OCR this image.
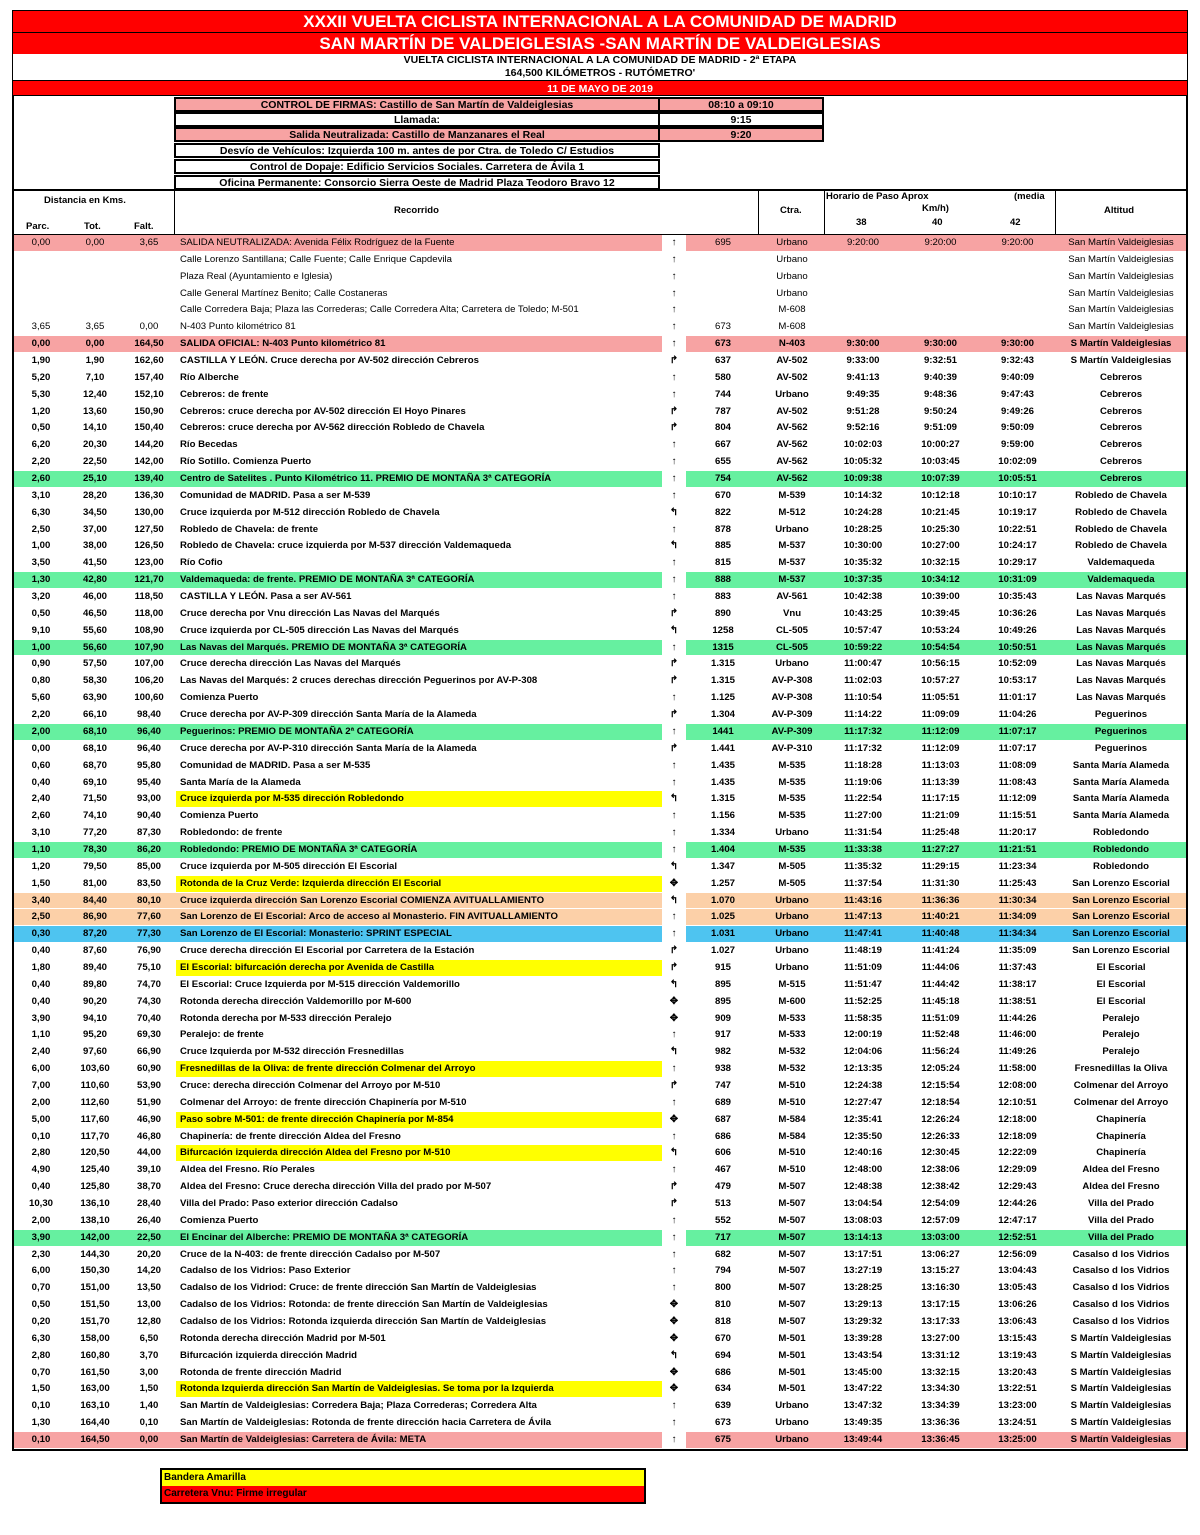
XXXII VUELTA CICLISTA INTERNACIONAL A LA COMUNIDAD DE MADRID
SAN MARTÍN DE VALDEIGLESIAS -SAN MARTÍN DE VALDEIGLESIAS
VUELTA CICLISTA INTERNACIONAL A LA COMUNIDAD DE MADRID - 2ª ETAPA
164,500 KILÓMETROS - RUTÓMETRO'
11 DE MAYO DE 2019
CONTROL DE FIRMAS: Castillo de San Martín de Valdeiglesias	08:10 a 09:10
Llamada:	9:15
Salida Neutralizada: Castillo de Manzanares el Real	9:20
Desvío de Vehículos: Izquierda 100 m. antes de por Ctra. de Toledo C/ Estudios
Control de Dopaje: Edificio Servicios Sociales. Carretera de Ávila 1
Oficina Permanente: Consorcio Sierra Oeste de Madrid Plaza Teodoro Bravo 12
Distancia en Kms.
Parc.	Tot.	Falt.
Recorrido	Ctra.
Horario de Paso Aprox	(media
Km/h)
38	40	42
Altitud
0,00	0,00	3,65	SALIDA NEUTRALIZADA: Avenida Félix Rodríguez de la Fuente	↑	695	Urbano	9:20:00	9:20:00	9:20:00	San Martín Valdeiglesias
Calle Lorenzo Santillana; Calle Fuente; Calle Enrique Capdevila	↑	Urbano	San Martín Valdeiglesias
Plaza Real (Ayuntamiento e Iglesia)	↑	Urbano	San Martín Valdeiglesias
Calle General Martínez Benito; Calle Costaneras	↑	Urbano	San Martín Valdeiglesias
Calle Corredera Baja; Plaza las Correderas; Calle Corredera Alta; Carretera de Toledo; M-501	↑	M-608	San Martín Valdeiglesias
3,65	3,65	0,00	N-403 Punto kilométrico 81	↑	673	M-608	San Martín Valdeiglesias
0,00	0,00	164,50	SALIDA OFICIAL: N-403 Punto kilométrico 81	↑	673	N-403	9:30:00	9:30:00	9:30:00	S Martín Valdeiglesias
1,90	1,90	162,60	CASTILLA Y LEÓN. Cruce derecha por AV-502 dirección Cebreros	↱	637	AV-502	9:33:00	9:32:51	9:32:43	S Martín Valdeiglesias
5,20	7,10	157,40	Río Alberche	↑	580	AV-502	9:41:13	9:40:39	9:40:09	Cebreros
5,30	12,40	152,10	Cebreros: de frente	↑	744	Urbano	9:49:35	9:48:36	9:47:43	Cebreros
1,20	13,60	150,90	Cebreros: cruce derecha por AV-502 dirección El Hoyo Pinares	↱	787	AV-502	9:51:28	9:50:24	9:49:26	Cebreros
0,50	14,10	150,40	Cebreros: cruce derecha por AV-562 dirección Robledo de Chavela	↱	804	AV-562	9:52:16	9:51:09	9:50:09	Cebreros
6,20	20,30	144,20	Río Becedas	↑	667	AV-562	10:02:03	10:00:27	9:59:00	Cebreros
2,20	22,50	142,00	Río Sotillo. Comienza Puerto	↑	655	AV-562	10:05:32	10:03:45	10:02:09	Cebreros
2,60	25,10	139,40	Centro de Satelites . Punto Kilométrico 11. PREMIO DE MONTAÑA 3ª CATEGORÍA	↑	754	AV-562	10:09:38	10:07:39	10:05:51	Cebreros
3,10	28,20	136,30	Comunidad de MADRID. Pasa a ser M-539	↑	670	M-539	10:14:32	10:12:18	10:10:17	Robledo de Chavela
6,30	34,50	130,00	Cruce izquierda por M-512 dirección Robledo de Chavela	↰	822	M-512	10:24:28	10:21:45	10:19:17	Robledo de Chavela
2,50	37,00	127,50	Robledo de Chavela: de frente	↑	878	Urbano	10:28:25	10:25:30	10:22:51	Robledo de Chavela
1,00	38,00	126,50	Robledo de Chavela: cruce izquierda por M-537 dirección Valdemaqueda	↰	885	M-537	10:30:00	10:27:00	10:24:17	Robledo de Chavela
3,50	41,50	123,00	Río Cofio	↑	815	M-537	10:35:32	10:32:15	10:29:17	Valdemaqueda
1,30	42,80	121,70	Valdemaqueda: de frente. PREMIO DE MONTAÑA 3ª CATEGORÍA	↑	888	M-537	10:37:35	10:34:12	10:31:09	Valdemaqueda
3,20	46,00	118,50	CASTILLA Y LEÓN. Pasa a ser AV-561	↑	883	AV-561	10:42:38	10:39:00	10:35:43	Las Navas Marqués
0,50	46,50	118,00	Cruce derecha por Vnu dirección Las Navas del Marqués	↱	890	Vnu	10:43:25	10:39:45	10:36:26	Las Navas Marqués
9,10	55,60	108,90	Cruce izquierda por CL-505 dirección Las Navas del Marqués	↰	1258	CL-505	10:57:47	10:53:24	10:49:26	Las Navas Marqués
1,00	56,60	107,90	Las Navas del Marqués. PREMIO DE MONTAÑA 3ª CATEGORÍA	↑	1315	CL-505	10:59:22	10:54:54	10:50:51	Las Navas Marqués
0,90	57,50	107,00	Cruce derecha dirección Las Navas del Marqués	↱	1.315	Urbano	11:00:47	10:56:15	10:52:09	Las Navas Marqués
0,80	58,30	106,20	Las Navas del Marqués: 2 cruces derechas dirección Peguerinos por AV-P-308	↱	1.315	AV-P-308	11:02:03	10:57:27	10:53:17	Las Navas Marqués
5,60	63,90	100,60	Comienza Puerto	↑	1.125	AV-P-308	11:10:54	11:05:51	11:01:17	Las Navas Marqués
2,20	66,10	98,40	Cruce derecha por AV-P-309 dirección Santa María de la Alameda	↱	1.304	AV-P-309	11:14:22	11:09:09	11:04:26	Peguerinos
2,00	68,10	96,40	Peguerinos: PREMIO DE MONTAÑA 2ª CATEGORÍA	↑	1441	AV-P-309	11:17:32	11:12:09	11:07:17	Peguerinos
0,00	68,10	96,40	Cruce derecha por AV-P-310 dirección Santa María de la Alameda	↱	1.441	AV-P-310	11:17:32	11:12:09	11:07:17	Peguerinos
0,60	68,70	95,80	Comunidad de MADRID. Pasa a ser M-535	↑	1.435	M-535	11:18:28	11:13:03	11:08:09	Santa María Alameda
0,40	69,10	95,40	Santa María de la Alameda	↑	1.435	M-535	11:19:06	11:13:39	11:08:43	Santa María Alameda
2,40	71,50	93,00	Cruce izquierda por M-535 dirección Robledondo	↰	1.315	M-535	11:22:54	11:17:15	11:12:09	Santa María Alameda
2,60	74,10	90,40	Comienza Puerto	↑	1.156	M-535	11:27:00	11:21:09	11:15:51	Santa María Alameda
3,10	77,20	87,30	Robledondo: de frente	↑	1.334	Urbano	11:31:54	11:25:48	11:20:17	Robledondo
1,10	78,30	86,20	Robledondo: PREMIO DE MONTAÑA 3ª CATEGORÍA	↑	1.404	M-535	11:33:38	11:27:27	11:21:51	Robledondo
1,20	79,50	85,00	Cruce izquierda por M-505 dirección El Escorial	↰	1.347	M-505	11:35:32	11:29:15	11:23:34	Robledondo
1,50	81,00	83,50	Rotonda de la Cruz Verde: Izquierda dirección El Escorial	✥	1.257	M-505	11:37:54	11:31:30	11:25:43	San Lorenzo Escorial
3,40	84,40	80,10	Cruce izquierda dirección San Lorenzo Escorial COMIENZA AVITUALLAMIENTO	↰	1.070	Urbano	11:43:16	11:36:36	11:30:34	San Lorenzo Escorial
2,50	86,90	77,60	San Lorenzo de El Escorial: Arco de acceso al Monasterio. FIN AVITUALLAMIENTO	↑	1.025	Urbano	11:47:13	11:40:21	11:34:09	San Lorenzo Escorial
0,30	87,20	77,30	San Lorenzo de El Escorial: Monasterio: SPRINT ESPECIAL	↑	1.031	Urbano	11:47:41	11:40:48	11:34:34	San Lorenzo Escorial
0,40	87,60	76,90	Cruce derecha dirección El Escorial por Carretera de la Estación	↱	1.027	Urbano	11:48:19	11:41:24	11:35:09	San Lorenzo Escorial
1,80	89,40	75,10	El Escorial: bifurcación derecha por Avenida de Castilla	↱	915	Urbano	11:51:09	11:44:06	11:37:43	El Escorial
0,40	89,80	74,70	El Escorial: Cruce Izquierda por M-515 dirección Valdemorillo	↰	895	M-515	11:51:47	11:44:42	11:38:17	El Escorial
0,40	90,20	74,30	Rotonda derecha dirección Valdemorillo por M-600	✥	895	M-600	11:52:25	11:45:18	11:38:51	El Escorial
3,90	94,10	70,40	Rotonda derecha por M-533 dirección Peralejo	✥	909	M-533	11:58:35	11:51:09	11:44:26	Peralejo
1,10	95,20	69,30	Peralejo: de frente	↑	917	M-533	12:00:19	11:52:48	11:46:00	Peralejo
2,40	97,60	66,90	Cruce Izquierda por M-532 dirección Fresnedillas	↰	982	M-532	12:04:06	11:56:24	11:49:26	Peralejo
6,00	103,60	60,90	Fresnedillas de la Oliva: de frente dirección Colmenar del Arroyo	↑	938	M-532	12:13:35	12:05:24	11:58:00	Fresnedillas la Oliva
7,00	110,60	53,90	Cruce: derecha dirección Colmenar del Arroyo por M-510	↱	747	M-510	12:24:38	12:15:54	12:08:00	Colmenar del Arroyo
2,00	112,60	51,90	Colmenar del Arroyo: de frente dirección Chapinería por M-510	↑	689	M-510	12:27:47	12:18:54	12:10:51	Colmenar del Arroyo
5,00	117,60	46,90	Paso sobre M-501: de frente dirección Chapinería por M-854	✥	687	M-584	12:35:41	12:26:24	12:18:00	Chapinería
0,10	117,70	46,80	Chapinería: de frente dirección Aldea del Fresno	↑	686	M-584	12:35:50	12:26:33	12:18:09	Chapinería
2,80	120,50	44,00	Bifurcación izquierda dirección Aldea del Fresno por M-510	↰	606	M-510	12:40:16	12:30:45	12:22:09	Chapinería
4,90	125,40	39,10	Aldea del Fresno. Río Perales	↑	467	M-510	12:48:00	12:38:06	12:29:09	Aldea del Fresno
0,40	125,80	38,70	Aldea del Fresno: Cruce derecha dirección Villa del prado por M-507	↱	479	M-507	12:48:38	12:38:42	12:29:43	Aldea del Fresno
10,30	136,10	28,40	Villa del Prado: Paso exterior dirección Cadalso	↱	513	M-507	13:04:54	12:54:09	12:44:26	Villa del Prado
2,00	138,10	26,40	Comienza Puerto	↑	552	M-507	13:08:03	12:57:09	12:47:17	Villa del Prado
3,90	142,00	22,50	El Encinar del Alberche: PREMIO DE MONTAÑA 3ª CATEGORÍA	↑	717	M-507	13:14:13	13:03:00	12:52:51	Villa del Prado
2,30	144,30	20,20	Cruce de la N-403: de frente dirección Cadalso por M-507	↑	682	M-507	13:17:51	13:06:27	12:56:09	Casalso d los Vidrios
6,00	150,30	14,20	Cadalso de los Vidrios: Paso Exterior	↑	794	M-507	13:27:19	13:15:27	13:04:43	Casalso d los Vidrios
0,70	151,00	13,50	Cadalso de los Vidriod: Cruce: de frente dirección San Martín de Valdeiglesias	↑	800	M-507	13:28:25	13:16:30	13:05:43	Casalso d los Vidrios
0,50	151,50	13,00	Cadalso de los Vidrios: Rotonda: de frente dirección San Martín de Valdeiglesias	✥	810	M-507	13:29:13	13:17:15	13:06:26	Casalso d los Vidrios
0,20	151,70	12,80	Cadalso de los Vidrios: Rotonda izquierda dirección San Martín de Valdeiglesias	✥	818	M-507	13:29:32	13:17:33	13:06:43	Casalso d los Vidrios
6,30	158,00	6,50	Rotonda derecha dirección Madrid por M-501	✥	670	M-501	13:39:28	13:27:00	13:15:43	S Martín Valdeiglesias
2,80	160,80	3,70	Bifurcación izquierda dirección Madrid	↰	694	M-501	13:43:54	13:31:12	13:19:43	S Martín Valdeiglesias
0,70	161,50	3,00	Rotonda de frente dirección Madrid	✥	686	M-501	13:45:00	13:32:15	13:20:43	S Martín Valdeiglesias
1,50	163,00	1,50	Rotonda Izquierda dirección San Martín de Valdeiglesias. Se toma por la Izquierda	✥	634	M-501	13:47:22	13:34:30	13:22:51	S Martín Valdeiglesias
0,10	163,10	1,40	San Martín de Valdeiglesias: Corredera Baja; Plaza Correderas; Corredera Alta	↑	639	Urbano	13:47:32	13:34:39	13:23:00	S Martín Valdeiglesias
1,30	164,40	0,10	San Martín de Valdeiglesias: Rotonda de frente dirección hacia Carretera de Ávila	↑	673	Urbano	13:49:35	13:36:36	13:24:51	S Martín Valdeiglesias
0,10	164,50	0,00	San Martín de Valdeiglesias: Carretera de Ávila: META	↑	675	Urbano	13:49:44	13:36:45	13:25:00	S Martín Valdeiglesias
Bandera Amarilla
Carretera Vnu: Firme irregular
